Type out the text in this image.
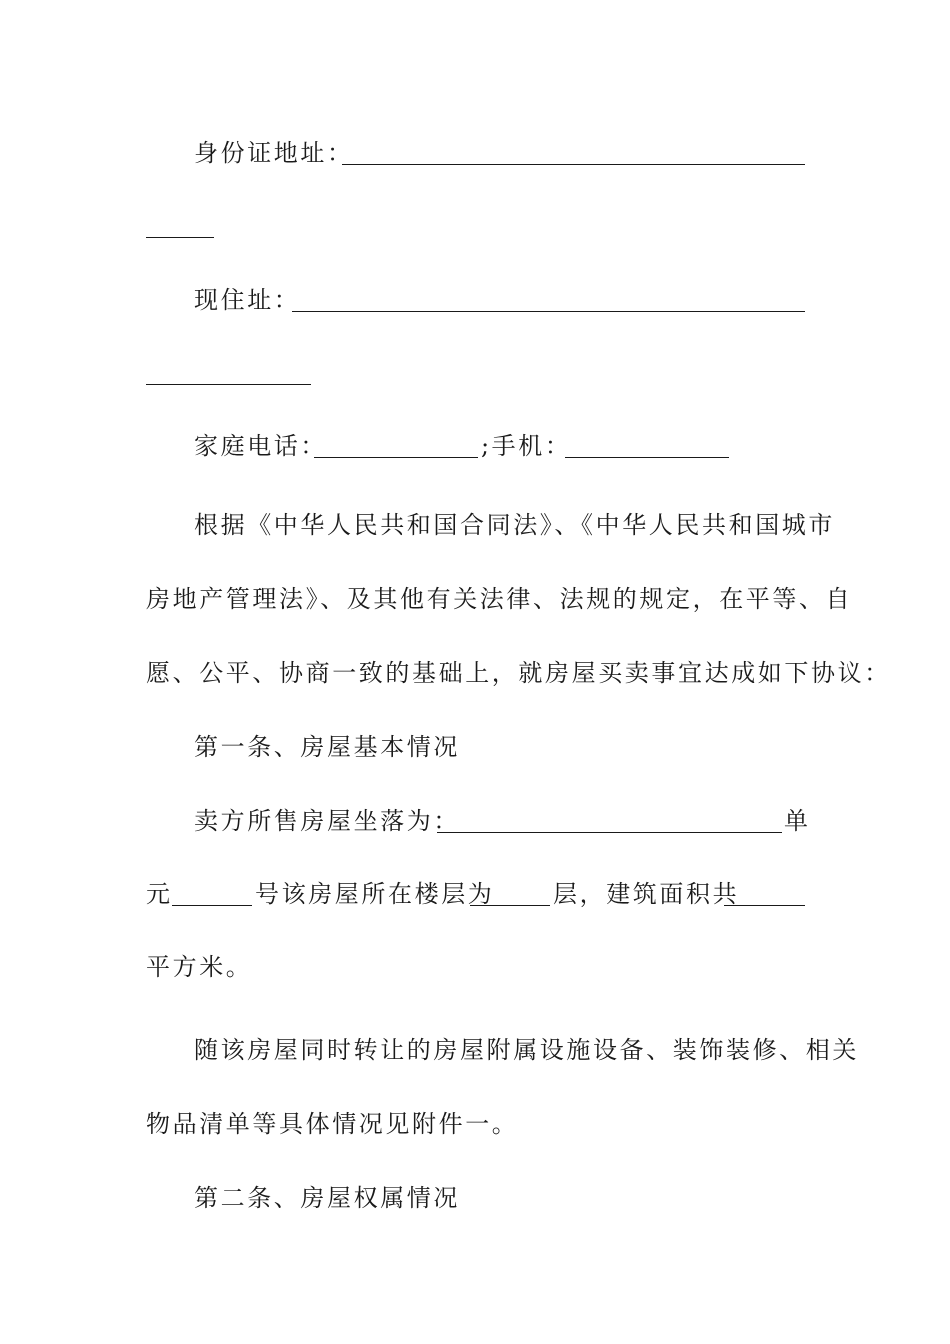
身份证地址：
现住址：
家庭电话：	;手机：
根据《中华人民共和国合同法》、《中华人民共和国城市
房地产管理法》、及其他有关法律、法规的规定，在平等、自
愿、公平、协商一致的基础上，就房屋买卖事宜达成如下协议：
第一条、房屋基本情况
卖方所售房屋坐落为：	单
元	号该房屋所在楼层为 层，建筑面积共
平方米。
随该房屋同时转让的房屋附属设施设备、装饰装修、相关
物品清单等具体情况见附件一。
第二条、房屋权属情况
